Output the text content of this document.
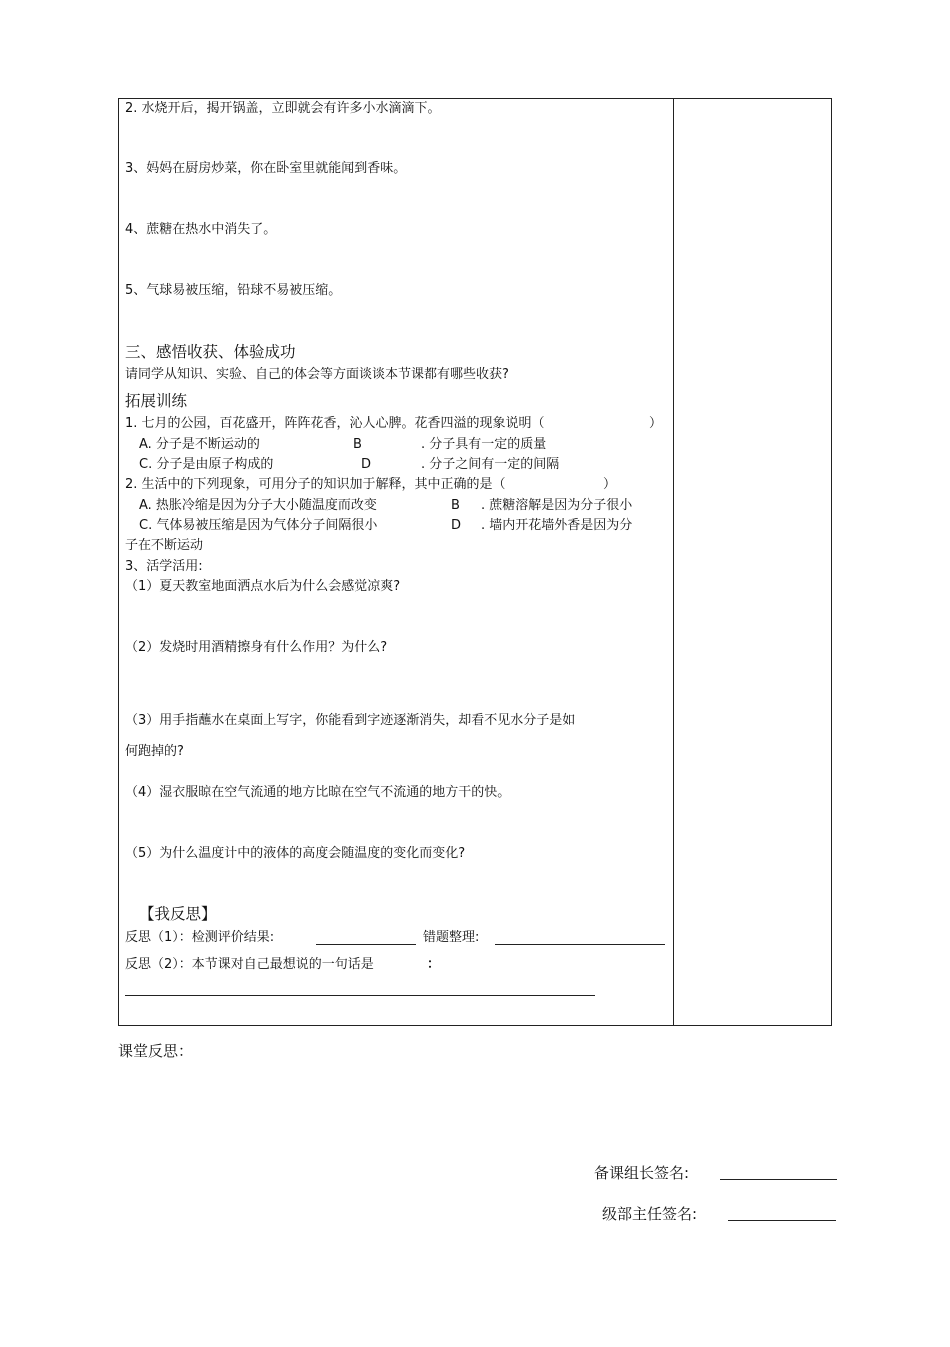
2. 水烧开后，揭开锅盖，立即就会有许多小水滴滴下。
3、妈妈在厨房炒菜，你在卧室里就能闻到香味。
4、蔗糖在热水中消失了。
5、气球易被压缩，铅球不易被压缩。
三、感悟收获、体验成功
请同学从知识、实验、自己的体会等方面谈谈本节课都有哪些收获?
拓展训练
1. 七月的公园，百花盛开，阵阵花香，沁人心脾。花香四溢的现象说明（	）
A. 分子是不断运动的	B	. 分子具有一定的质量
C. 分子是由原子构成的	D	. 分子之间有一定的间隔
2. 生活中的下列现象，可用分子的知识加于解释，其中正确的是（	）
A. 热胀冷缩是因为分子大小随温度而改变	B . 蔗糖溶解是因为分子很小
C. 气体易被压缩是因为气体分子间隔很小	D . 墙内开花墙外香是因为分
子在不断运动
3、活学活用:
（1）夏天教室地面洒点水后为什么会感觉凉爽?
（2）发烧时用酒精擦身有什么作用？为什么?
（3）用手指蘸水在桌面上写字，你能看到字迹逐渐消失，却看不见水分子是如
何跑掉的?
（4）湿衣服晾在空气流通的地方比晾在空气不流通的地方干的快。
（5）为什么温度计中的液体的高度会随温度的变化而变化?
【我反思】
反思（1）：检测评价结果:	错题整理:
反思（2）：本节课对自己最想说的一句话是	：
课堂反思：
备课组长签名:
级部主任签名:
